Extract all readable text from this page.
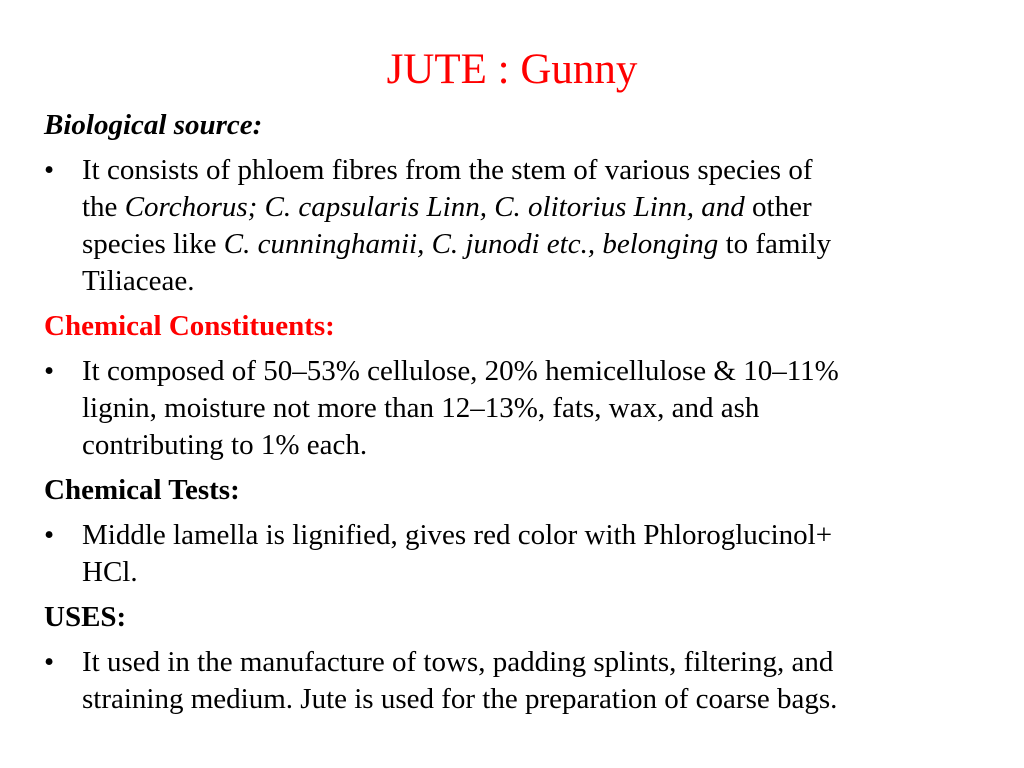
JUTE : Gunny
Biological source:
• It consists of phloem fibres from the stem of various species of
the Corchorus; C. capsularis Linn, C. olitorius Linn, and other
species like C. cunninghamii, C. junodi etc., belonging to family
Tiliaceae.

Chemical Constituents:
• It composed of 50–53% cellulose, 20% hemicellulose & 10–11%
lignin, moisture not more than 12–13%, fats, wax, and ash
contributing to 1% each.

Chemical Tests:
• Middle lamella is lignified, gives red color with Phloroglucinol+
HCl.

USES:
• It used in the manufacture of tows, padding splints, filtering, and
straining medium. Jute is used for the preparation of coarse bags.
